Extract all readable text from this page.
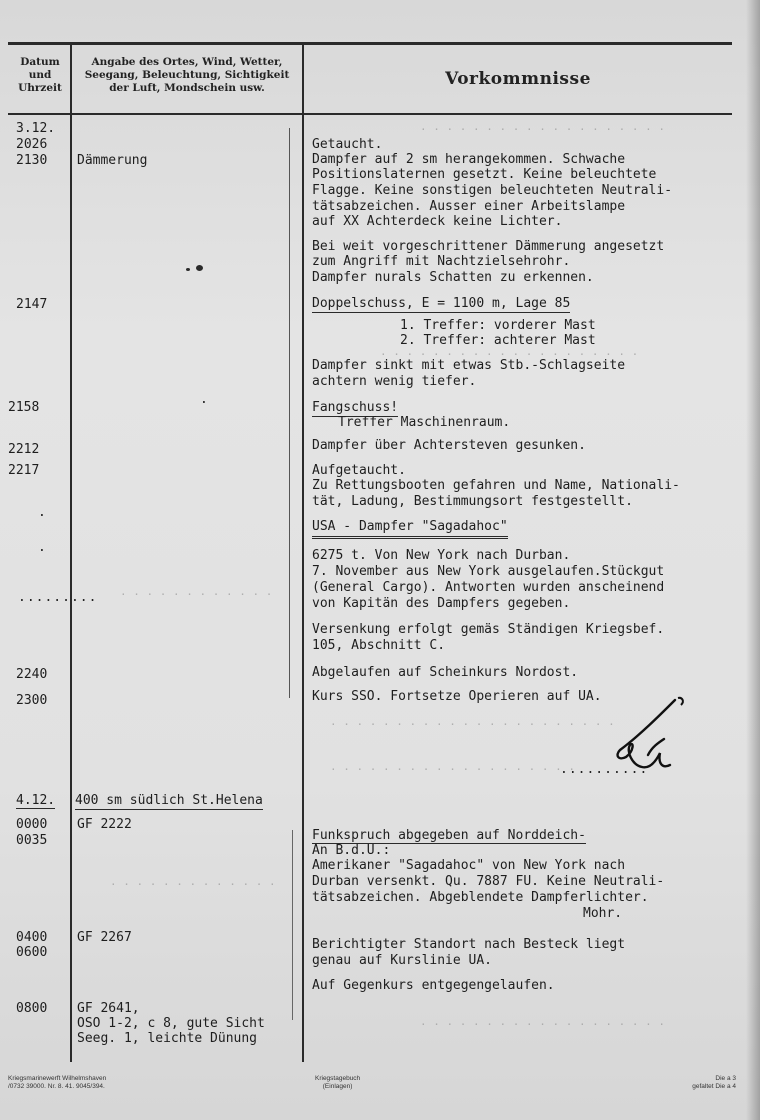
Datum
und
Uhrzeit
Angabe des Ortes, Wind, Wetter,
Seegang, Beleuchtung, Sichtigkeit
der Luft, Mondschein usw.	Vorkommnisse
. . . . . . . . . . . . . . . . . . .
. . . . . . . . . . . . . . . . . . . .
. . . . . . . . . . . .
. . . . . . . . . . . . . . . . . . . . . .
. . . . . . . . . . . . . . . . . . .
. . . . . . . . . . . . .
. . . . . . . . . . . . . . . . . . .
3.12.
2026
2130
2147
2158
2212
2217
2240
2300
4.12.
0000
0035
0400
0600
0800
.
.
.........
Dämmerung
.
400 sm südlich St.Helena
GF 2222
GF 2267
GF 2641,
OSO 1-2, c 8, gute Sicht
Seeg. 1, leichte Dünung
Getaucht.
Dampfer auf 2 sm herangekommen. Schwache
Positionslaternen gesetzt. Keine beleuchtete
Flagge. Keine sonstigen beleuchteten Neutrali-
tätsabzeichen. Ausser einer Arbeitslampe
auf XX Achterdeck keine Lichter.
Bei weit vorgeschrittener Dämmerung angesetzt
zum Angriff mit Nachtzielsehrohr.
Dampfer nurals Schatten zu erkennen.
Doppelschuss, E = 1100 m, Lage 85
1. Treffer: vorderer Mast
2. Treffer: achterer Mast
Dampfer sinkt mit etwas Stb.-Schlagseite
achtern wenig tiefer.
Fangschuss!
Treffer Maschinenraum.
Dampfer über Achtersteven gesunken.
Aufgetaucht.
Zu Rettungsbooten gefahren und Name, Nationali-
tät, Ladung, Bestimmungsort festgestellt.
USA - Dampfer "Sagadahoc"
6275 t. Von New York nach Durban.
7. November aus New York ausgelaufen.Stückgut
(General Cargo). Antworten wurden anscheinend
von Kapitän des Dampfers gegeben.
Versenkung erfolgt gemäs Ständigen Kriegsbef.
105, Abschnitt C.
Abgelaufen auf Scheinkurs Nordost.
Kurs SSO. Fortsetze Operieren auf UA.
..........
Funkspruch abgegeben auf Norddeich-
An B.d.U.:
Amerikaner "Sagadahoc" von New York nach
Durban versenkt. Qu. 7887 FU. Keine Neutrali-
tätsabzeichen. Abgeblendete Dampferlichter.
Mohr.
Berichtigter Standort nach Besteck liegt
genau auf Kurslinie UA.
Auf Gegenkurs entgegengelaufen.
Kriegsmarinewerft Wilhelmshaven
/0732 39000. Nr. 8. 41. 9045/394.
Kriegstagebuch
(Einlagen)
Die a 3
gefaltet Die a 4
